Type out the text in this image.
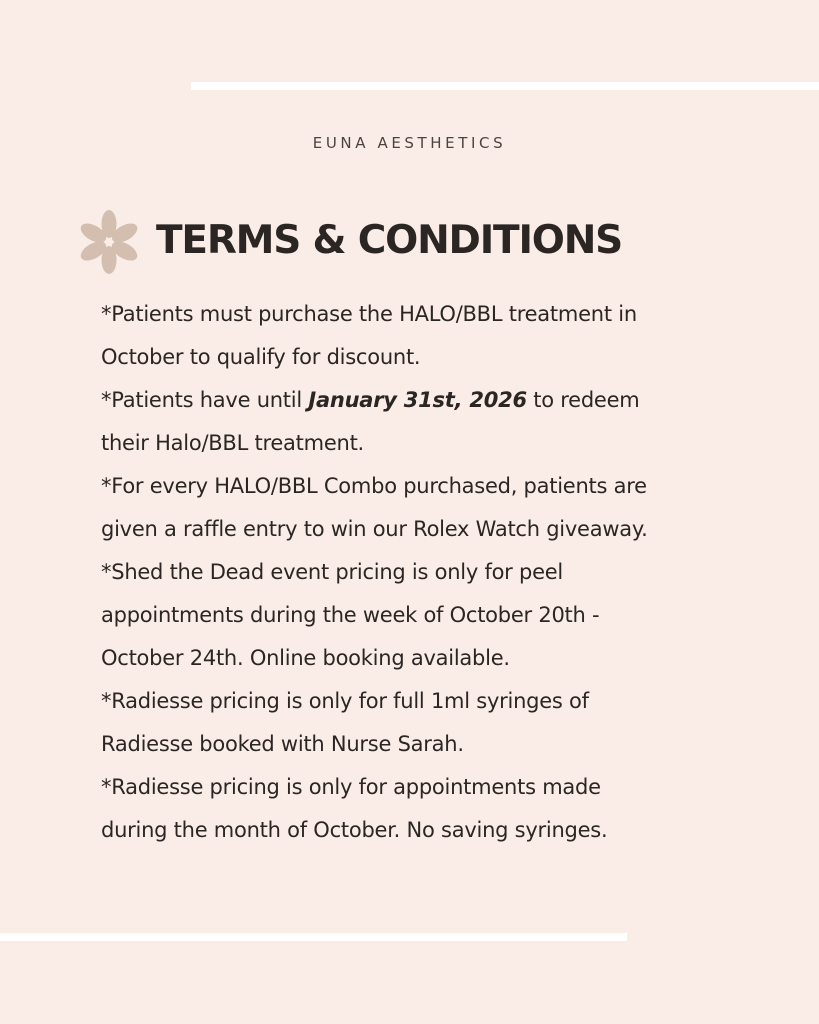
EUNA AESTHETICS
TERMS & CONDITIONS
*Patients must purchase the HALO/BBL treatment in
October to qualify for discount.
*Patients have until January 31st, 2026 to redeem
their Halo/BBL treatment.
*For every HALO/BBL Combo purchased, patients are
given a raffle entry to win our Rolex Watch giveaway.
*Shed the Dead event pricing is only for peel
appointments during the week of October 20th -
October 24th. Online booking available.
*Radiesse pricing is only for full 1ml syringes of
Radiesse booked with Nurse Sarah.
*Radiesse pricing is only for appointments made
during the month of October. No saving syringes.
